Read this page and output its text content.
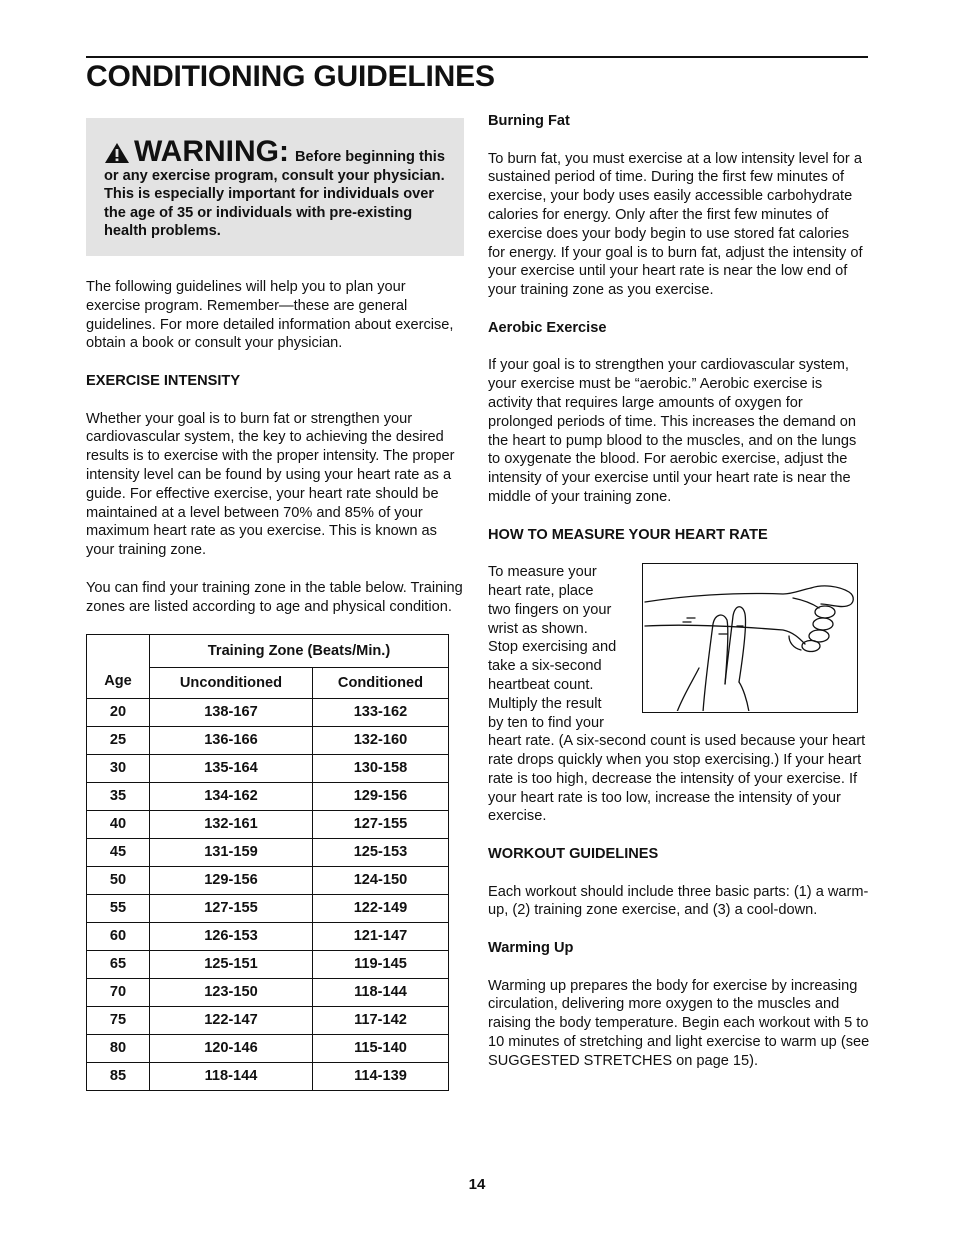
CONDITIONING GUIDELINES
WARNING: Before beginning this or any exercise program, consult your physician. This is especially important for individuals over the age of 35 or individuals with pre-existing health problems.

The following guidelines will help you to plan your exercise program. Remember—these are general guidelines. For more detailed information about exercise, obtain a book or consult your physician.

EXERCISE INTENSITY

Whether your goal is to burn fat or strengthen your cardiovascular system, the key to achieving the desired results is to exercise with the proper intensity. The proper intensity level can be found by using your heart rate as a guide. For effective exercise, your heart rate should be maintained at a level between 70% and 85% of your maximum heart rate as you exercise. This is known as your training zone.

You can find your training zone in the table below. Training zones are listed according to age and physical condition.

Age	Training Zone (Beats/Min.)	
	Unconditioned	Conditioned
20	138-167	133-162
25	136-166	132-160
30	135-164	130-158
35	134-162	129-156
40	132-161	127-155
45	131-159	125-153
50	129-156	124-150
55	127-155	122-149
60	126-153	121-147
65	125-151	119-145
70	123-150	118-144
75	122-147	117-142
80	120-146	115-140
85	118-144	114-139

Burning Fat

To burn fat, you must exercise at a low intensity level for a sustained period of time. During the first few minutes of exercise, your body uses easily accessible carbohydrate calories for energy. Only after the first few minutes of exercise does your body begin to use stored fat calories for energy. If your goal is to burn fat, adjust the intensity of your exercise until your heart rate is near the low end of your training zone as you exercise.

Aerobic Exercise

If your goal is to strengthen your cardiovascular system, your exercise must be “aerobic.” Aerobic exercise is activity that requires large amounts of oxygen for prolonged periods of time. This increases the demand on the heart to pump blood to the muscles, and on the lungs to oxygenate the blood. For aerobic exercise, adjust the intensity of your exercise until your heart rate is near the middle of your training zone.

HOW TO MEASURE YOUR HEART RATE

To measure your heart rate, place two fingers on your wrist as shown. Stop exercising and take a six-second heartbeat count. Multiply the result by ten to find your

heart rate. (A six-second count is used because your heart rate drops quickly when you stop exercising.) If your heart rate is too high, decrease the intensity of your exercise. If your heart rate is too low, increase the intensity of your exercise.

WORKOUT GUIDELINES

Each workout should include three basic parts: (1) a warm-up, (2) training zone exercise, and (3) a cool-down.

Warming Up

Warming up prepares the body for exercise by increasing circulation, delivering more oxygen to the muscles and raising the body temperature. Begin each workout with 5 to 10 minutes of stretching and light exercise to warm up (see SUGGESTED STRETCHES on page 15).

14
